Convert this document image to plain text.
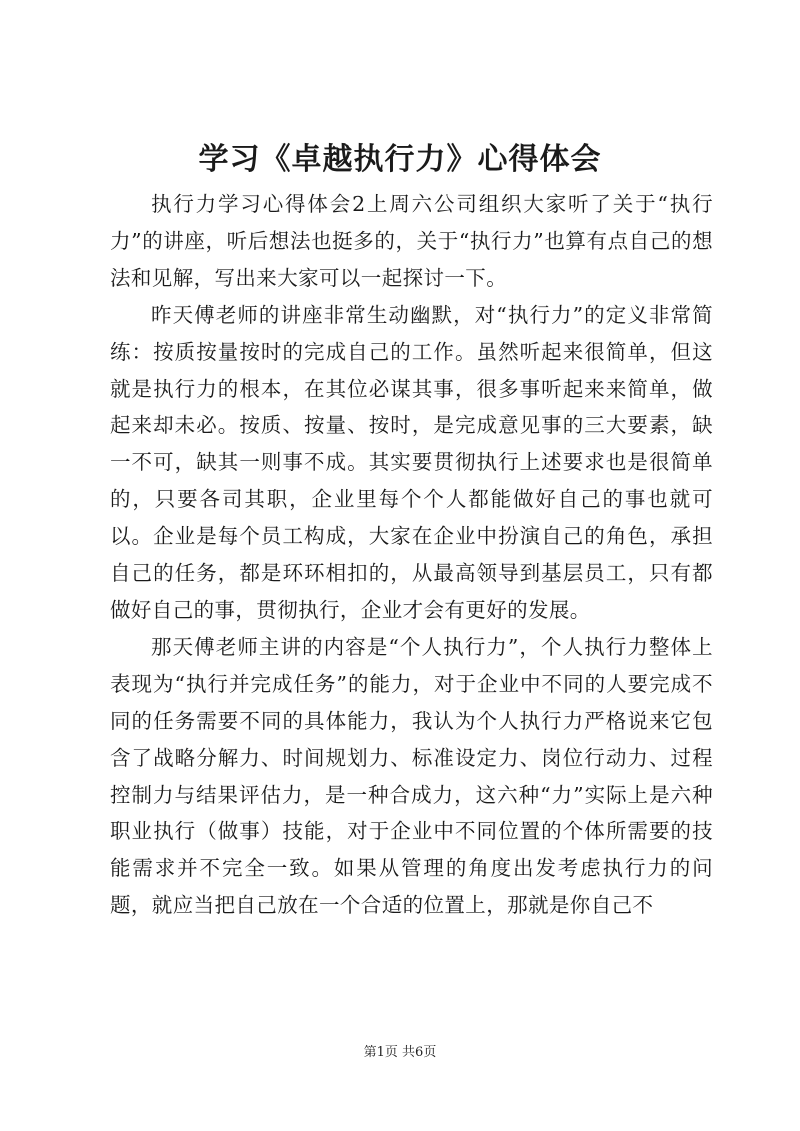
学习《卓越执行力》心得体会

执行力学习心得体会2上周六公司组织大家听了关于“执行力”的讲座，听后想法也挺多的，关于“执行力”也算有点自己的想法和见解，写出来大家可以一起探讨一下。

昨天傅老师的讲座非常生动幽默，对“执行力”的定义非常简练：按质按量按时的完成自己的工作。虽然听起来很简单，但这就是执行力的根本，在其位必谋其事，很多事听起来来简单，做起来却未必。按质、按量、按时，是完成意见事的三大要素，缺一不可，缺其一则事不成。其实要贯彻执行上述要求也是很简单的，只要各司其职，企业里每个个人都能做好自己的事也就可以。企业是每个员工构成，大家在企业中扮演自己的角色，承担自己的任务，都是环环相扣的，从最高领导到基层员工，只有都做好自己的事，贯彻执行，企业才会有更好的发展。

那天傅老师主讲的内容是“个人执行力”，个人执行力整体上表现为“执行并完成任务”的能力，对于企业中不同的人要完成不同的任务需要不同的具体能力，我认为个人执行力严格说来它包含了战略分解力、时间规划力、标准设定力、岗位行动力、过程控制力与结果评估力，是一种合成力，这六种“力”实际上是六种职业执行（做事）技能，对于企业中不同位置的个体所需要的技能需求并不完全一致。如果从管理的角度出发考虑执行力的问题，就应当把自己放在一个合适的位置上，那就是你自己不

第1页 共6页
